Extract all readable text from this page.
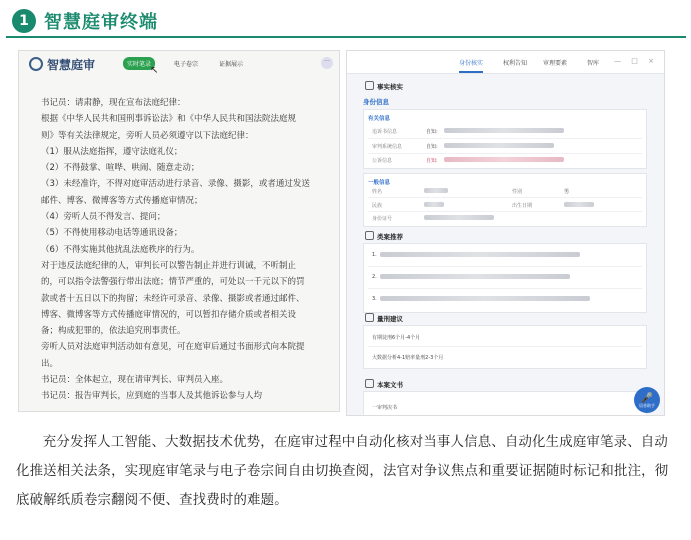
1 智慧庭审终端
智慧庭审	实时笔录	电子卷宗	证据展示	···
↖

书记员：请肃静，现在宣布法庭纪律：

根据《中华人民共和国刑事诉讼法》和《中华人民共和国法院法庭规

则》等有关法律规定，旁听人员必须遵守以下法庭纪律：

（1）服从法庭指挥，遵守法庭礼仪；

（2）不得鼓掌、喧哗、哄闹、随意走动；

（3）未经准许，不得对庭审活动进行录音、录像、摄影，或者通过发送

邮件、博客、微博客等方式传播庭审情况；

（4）旁听人员不得发言、提问；

（5）不得使用移动电话等通讯设备；

（6）不得实施其他扰乱法庭秩序的行为。

对于违反法庭纪律的人，审判长可以警告制止并进行训诫，不听制止

的，可以指令法警强行带出法庭；情节严重的，可处以一千元以下的罚

款或者十五日以下的拘留；未经许可录音、录像、摄影或者通过邮件、

博客、微博客等方式传播庭审情况的，可以暂扣存储介质或者相关设

备；构成犯罪的，依法追究刑事责任。

旁听人员对法庭审判活动如有意见，可在庭审后通过书面形式向本院提

出。

书记员：全体起立，现在请审判长、审判员入座。

书记员：报告审判长，应到庭的当事人及其他诉讼参与人均

身份核实	权利告知	审理要素	智库 — □ ×
事实核实
身份信息
有关信息
追诉书信息	自知:
审判系统信息	自知:
公诉信息	自知:
一般信息
姓名	性别	男
民族	出生日期
身份证号
类案推荐
1.
2.
3.
量刑建议
有期徒刑6个月-4个月
大数据分析4-1赔率量刑2-3个月
本案文书
一审判决书
🎤
语音助手
充分发挥人工智能、大数据技术优势，在庭审过程中自动化核对当事人信息、自动化生成庭审笔录、自动化推送相关法条，实现庭审笔录与电子卷宗间自由切换查阅，法官对争议焦点和重要证据随时标记和批注，彻底破解纸质卷宗翻阅不便、查找费时的难题。
